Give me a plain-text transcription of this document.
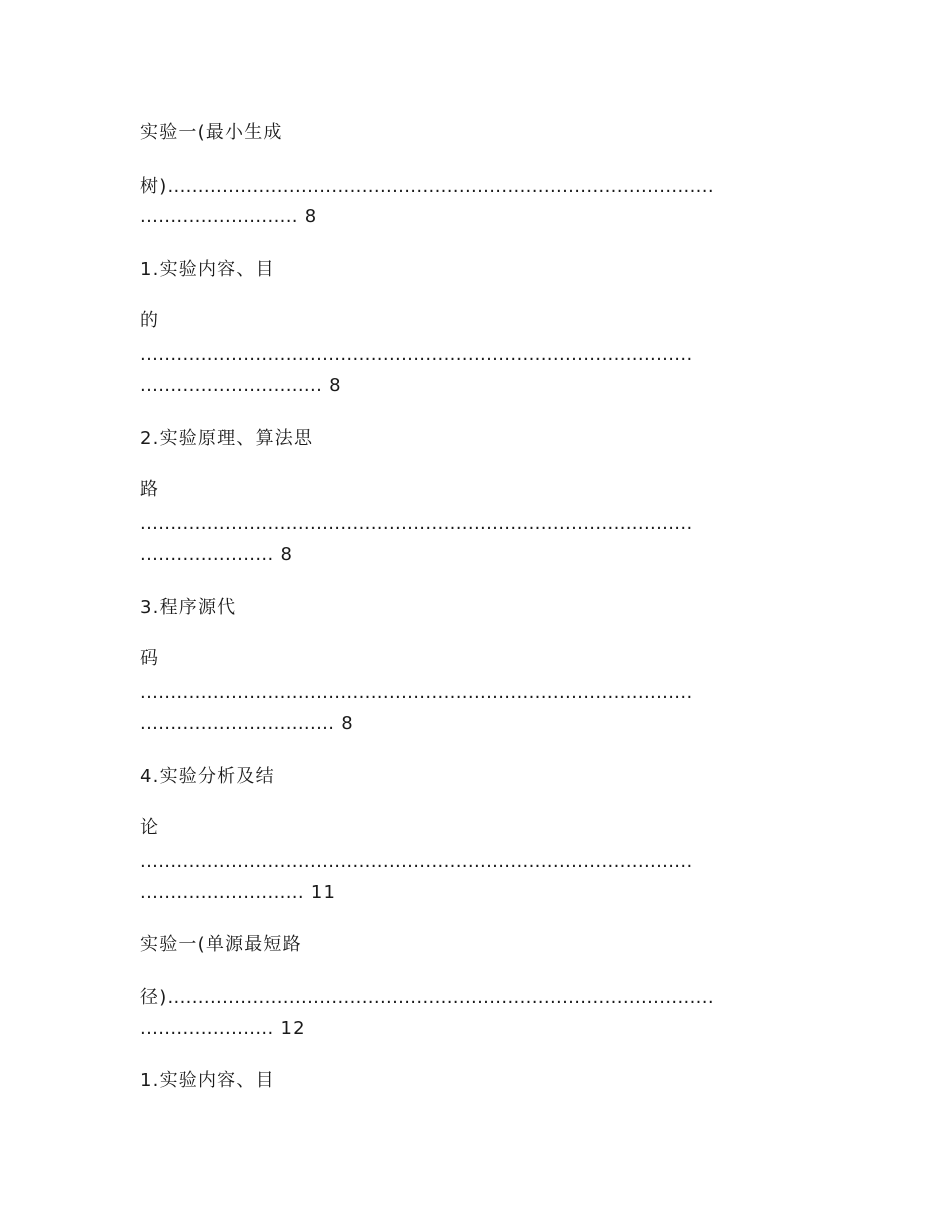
实验一(最小生成
树)..........................................................................................
.......................... 8
1.实验内容、目
的
...........................................................................................
.............................. 8
2.实验原理、算法思
路
...........................................................................................
...................... 8
3.程序源代
码
...........................................................................................
................................ 8
4.实验分析及结
论
...........................................................................................
........................... 11
实验一(单源最短路
径)..........................................................................................
...................... 12
1.实验内容、目
